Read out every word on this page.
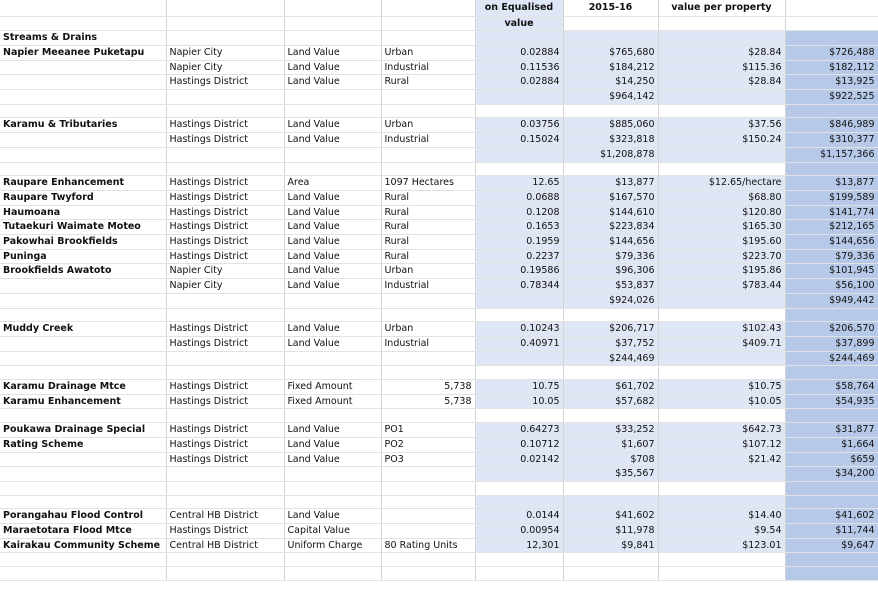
				on Equalised	2015-16	value per property	
				value			
Streams & Drains							
Napier Meeanee Puketapu	Napier City	Land Value	Urban	0.02884	$765,680	$28.84	$726,488
	Napier City	Land Value	Industrial	0.11536	$184,212	$115.36	$182,112
	Hastings District	Land Value	Rural	0.02884	$14,250	$28.84	$13,925
					$964,142		$922,525

Karamu & Tributaries	Hastings District	Land Value	Urban	0.03756	$885,060	$37.56	$846,989
	Hastings District	Land Value	Industrial	0.15024	$323,818	$150.24	$310,377
					$1,208,878		$1,157,366

Raupare Enhancement	Hastings District	Area	1097 Hectares	12.65	$13,877	$12.65/hectare	$13,877
Raupare Twyford	Hastings District	Land Value	Rural	0.0688	$167,570	$68.80	$199,589
Haumoana	Hastings District	Land Value	Rural	0.1208	$144,610	$120.80	$141,774
Tutaekuri Waimate Moteo	Hastings District	Land Value	Rural	0.1653	$223,834	$165.30	$212,165
Pakowhai Brookfields	Hastings District	Land Value	Rural	0.1959	$144,656	$195.60	$144,656
Puninga	Hastings District	Land Value	Rural	0.2237	$79,336	$223.70	$79,336
Brookfields Awatoto	Napier City	Land Value	Urban	0.19586	$96,306	$195.86	$101,945
	Napier City	Land Value	Industrial	0.78344	$53,837	$783.44	$56,100
					$924,026		$949,442

Muddy Creek	Hastings District	Land Value	Urban	0.10243	$206,717	$102.43	$206,570
	Hastings District	Land Value	Industrial	0.40971	$37,752	$409.71	$37,899
					$244,469		$244,469

Karamu Drainage Mtce	Hastings District	Fixed Amount	5,738	10.75	$61,702	$10.75	$58,764
Karamu Enhancement	Hastings District	Fixed Amount	5,738	10.05	$57,682	$10.05	$54,935

Poukawa Drainage Special	Hastings District	Land Value	PO1	0.64273	$33,252	$642.73	$31,877
Rating Scheme	Hastings District	Land Value	PO2	0.10712	$1,607	$107.12	$1,664
	Hastings District	Land Value	PO3	0.02142	$708	$21.42	$659
					$35,567		$34,200

Porangahau Flood Control	Central HB District	Land Value		0.0144	$41,602	$14.40	$41,602
Maraetotara Flood Mtce	Hastings District	Capital Value		0.00954	$11,978	$9.54	$11,744
Kairakau Community Scheme	Central HB District	Uniform Charge	80 Rating Units	12,301	$9,841	$123.01	$9,647
